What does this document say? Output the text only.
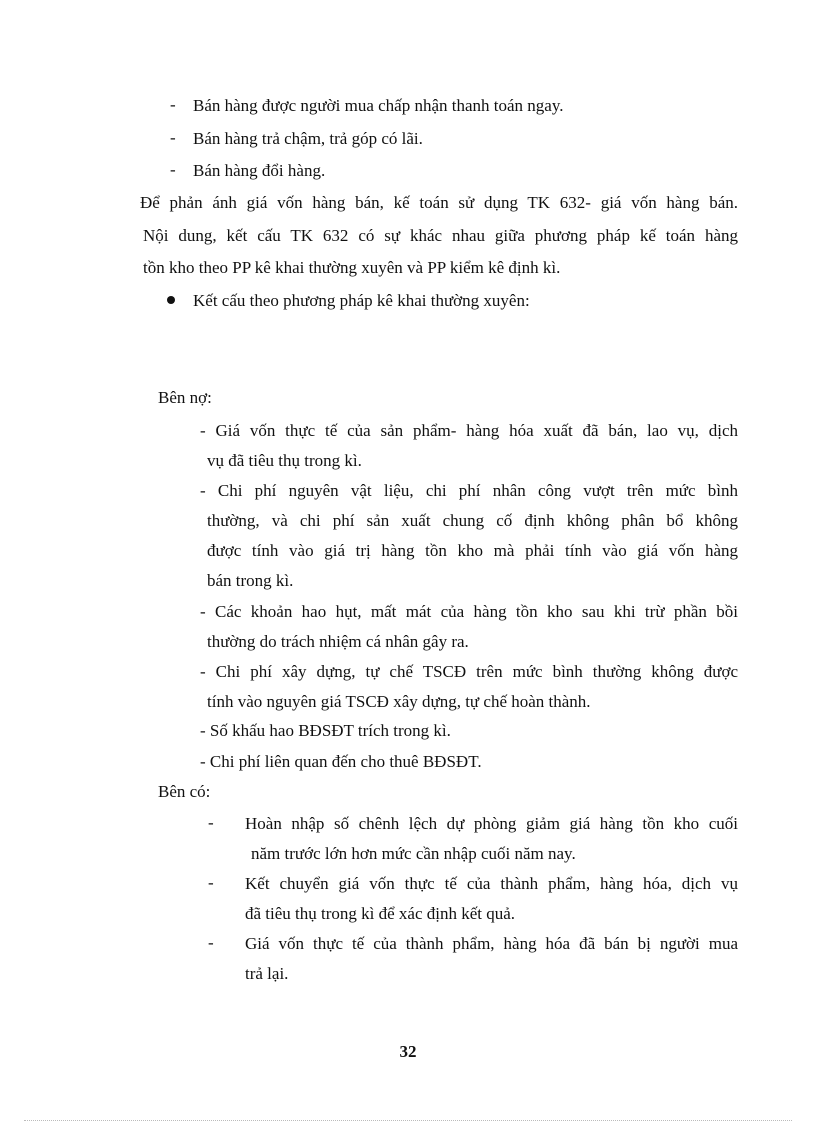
- Bán hàng được người mua chấp nhận thanh toán ngay.
- Bán hàng trả chậm, trả góp có lãi.
- Bán hàng đổi hàng.
Để phản ánh giá vốn hàng bán, kế toán sử dụng TK 632- giá vốn hàng bán.
Nội dung, kết cấu TK 632 có sự khác nhau giữa phương pháp kế toán hàng
tồn kho theo PP kê khai thường xuyên và PP kiểm kê định kì.
Kết cấu theo phương pháp kê khai thường xuyên:
Bên nợ:
- Giá vốn thực tế của sản phẩm- hàng hóa xuất đã bán, lao vụ, dịch
vụ đã tiêu thụ trong kì.
- Chi phí nguyên vật liệu, chi phí nhân công vượt trên mức bình
thường, và chi phí sản xuất chung cố định không phân bổ không
được tính vào giá trị hàng tồn kho mà phải tính vào giá vốn hàng
bán trong kì.
- Các khoản hao hụt, mất mát của hàng tồn kho sau khi trừ phần bồi
thường do trách nhiệm cá nhân gây ra.
- Chi phí xây dựng, tự chế TSCĐ trên mức bình thường không được
tính vào nguyên giá TSCĐ xây dựng, tự chế hoàn thành.
- Số khấu hao BĐSĐT trích trong kì.
- Chi phí liên quan đến cho thuê BĐSĐT.
Bên có:
- Hoàn nhập số chênh lệch dự phòng giảm giá hàng tồn kho cuối
năm trước lớn hơn mức cần nhập cuối năm nay.
- Kết chuyển giá vốn thực tế của thành phẩm, hàng hóa, dịch vụ
đã tiêu thụ trong kì để xác định kết quả.
- Giá vốn thực tế của thành phẩm, hàng hóa đã bán bị người mua
trả lại.
32
